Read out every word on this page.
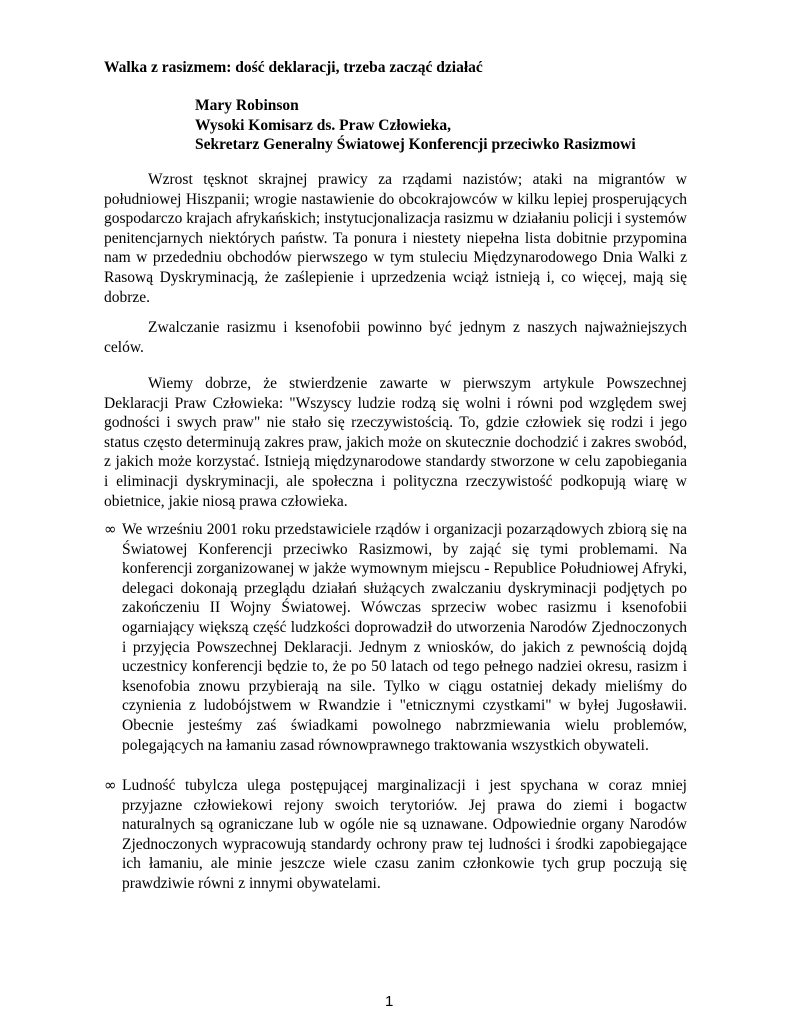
Walka z rasizmem: dość deklaracji, trzeba zacząć działać
Mary Robinson
Wysoki Komisarz ds. Praw Człowieka,
Sekretarz Generalny Światowej Konferencji przeciwko Rasizmowi

Wzrost tęsknot skrajnej prawicy za rządami nazistów; ataki na migrantów w południowej Hiszpanii; wrogie nastawienie do obcokrajowców w kilku lepiej prosperujących gospodarczo krajach afrykańskich; instytucjonalizacja rasizmu w działaniu policji i systemów penitencjarnych niektórych państw. Ta ponura i niestety niepełna lista dobitnie przypomina nam w przededniu obchodów pierwszego w tym stuleciu Międzynarodowego Dnia Walki z Rasową Dyskryminacją, że zaślepienie i uprzedzenia wciąż istnieją i, co więcej, mają się dobrze.

Zwalczanie rasizmu i ksenofobii powinno być jednym z naszych najważniejszych celów.

Wiemy dobrze, że stwierdzenie zawarte w pierwszym artykule Powszechnej Deklaracji Praw Człowieka: "Wszyscy ludzie rodzą się wolni i równi pod względem swej godności i swych praw" nie stało się rzeczywistością. To, gdzie człowiek się rodzi i jego status często determinują zakres praw, jakich może on skutecznie dochodzić i zakres swobód, z jakich może korzystać. Istnieją międzynarodowe standardy stworzone w celu zapobiegania i eliminacji dyskryminacji, ale społeczna i polityczna rzeczywistość podkopują wiarę w obietnice, jakie niosą prawa człowieka.

∞ We wrześniu 2001 roku przedstawiciele rządów i organizacji pozarządowych zbiorą się na Światowej Konferencji przeciwko Rasizmowi, by zająć się tymi problemami. Na konferencji zorganizowanej w jakże wymownym miejscu - Republice Południowej Afryki, delegaci dokonają przeglądu działań służących zwalczaniu dyskryminacji podjętych po zakończeniu II Wojny Światowej. Wówczas sprzeciw wobec rasizmu i ksenofobii ogarniający większą część ludzkości doprowadził do utworzenia Narodów Zjednoczonych i przyjęcia Powszechnej Deklaracji. Jednym z wniosków, do jakich z pewnością dojdą uczestnicy konferencji będzie to, że po 50 latach od tego pełnego nadziei okresu, rasizm i ksenofobia znowu przybierają na sile. Tylko w ciągu ostatniej dekady mieliśmy do czynienia z ludobójstwem w Rwandzie i "etnicznymi czystkami" w byłej Jugosławii. Obecnie jesteśmy zaś świadkami powolnego nabrzmiewania wielu problemów, polegających na łamaniu zasad równowprawnego traktowania wszystkich obywateli.

∞ Ludność tubylcza ulega postępującej marginalizacji i jest spychana w coraz mniej przyjazne człowiekowi rejony swoich terytoriów. Jej prawa do ziemi i bogactw naturalnych są ograniczane lub w ogóle nie są uznawane. Odpowiednie organy Narodów Zjednoczonych wypracowują standardy ochrony praw tej ludności i środki zapobiegające ich łamaniu, ale minie jeszcze wiele czasu zanim członkowie tych grup poczują się prawdziwie równi z innymi obywatelami.

1
